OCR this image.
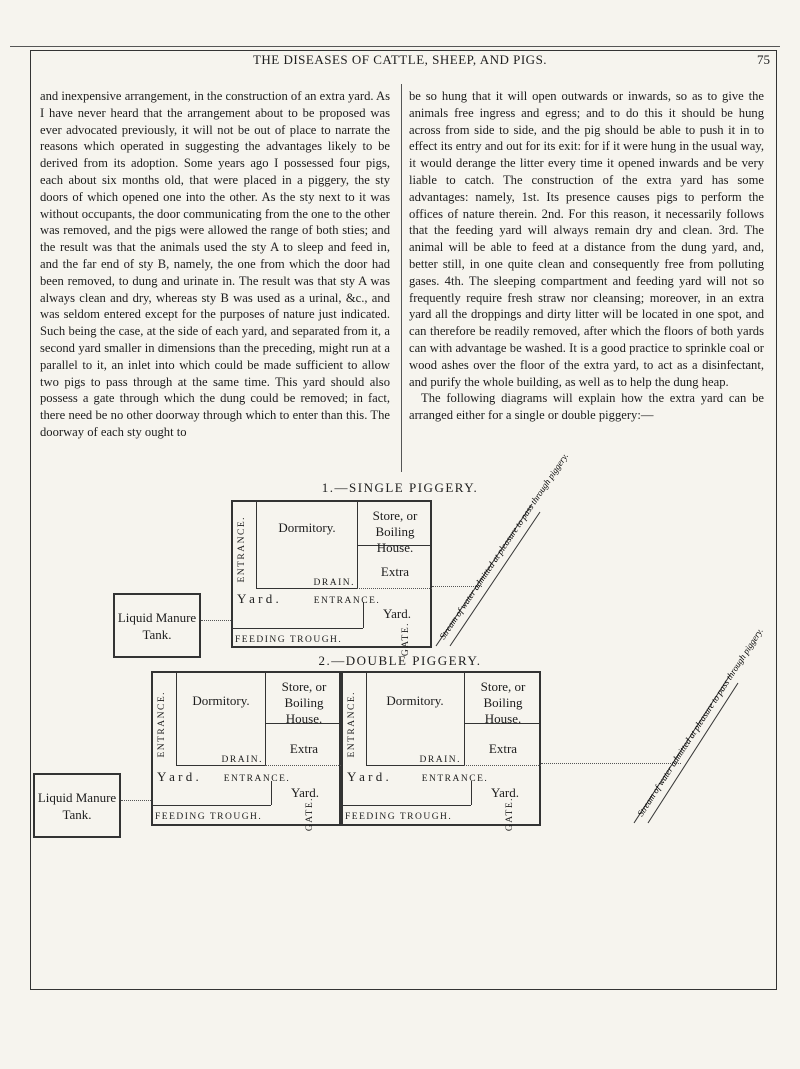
THE DISEASES OF CATTLE, SHEEP, AND PIGS.	75

and inexpensive arrangement, in the construction of an extra yard. As I have never heard that the arrangement about to be proposed was ever advocated previously, it will not be out of place to narrate the reasons which operated in suggesting the advantages likely to be derived from its adoption. Some years ago I possessed four pigs, each about six months old, that were placed in a piggery, the sty doors of which opened one into the other. As the sty next to it was without occupants, the door communicating from the one to the other was removed, and the pigs were allowed the range of both sties; and the result was that the animals used the sty A to sleep and feed in, and the far end of sty B, namely, the one from which the door had been removed, to dung and urinate in. The result was that sty A was always clean and dry, whereas sty B was used as a urinal, &c., and was seldom entered except for the purposes of nature just indicated. Such being the case, at the side of each yard, and separated from it, a second yard smaller in dimensions than the preceding, might run at a parallel to it, an inlet into which could be made sufficient to allow two pigs to pass through at the same time. This yard should also possess a gate through which the dung could be removed; in fact, there need be no other doorway through which to enter than this. The doorway of each sty ought to

be so hung that it will open outwards or inwards, so as to give the animals free ingress and egress; and to do this it should be hung across from side to side, and the pig should be able to push it in to effect its entry and out for its exit: for if it were hung in the usual way, it would derange the litter every time it opened inwards and be very liable to catch. The construction of the extra yard has some advantages: namely, 1st. Its presence causes pigs to perform the offices of nature therein. 2nd. For this reason, it necessarily follows that the feeding yard will always remain dry and clean. 3rd. The animal will be able to feed at a distance from the dung yard, and, better still, in one quite clean and consequently free from polluting gases. 4th. The sleeping compartment and feeding yard will not so frequently require fresh straw nor cleansing; moreover, in an extra yard all the droppings and dirty litter will be located in one spot, and can therefore be readily removed, after which the floors of both yards can with advantage be washed. It is a good practice to sprinkle coal or wood ashes over the floor of the extra yard, to act as a disinfectant, and purify the whole building, as well as to help the dung heap.

The following diagrams will explain how the extra yard can be arranged either for a single or double piggery:—

1.—SINGLE PIGGERY.
Liquid Manure Tank.
ENTRANCE.	Dormitory.
Store, or Boiling House.
DRAIN.
Extra
Y a r d .	ENTRANCE.
Yard.
FEEDING TROUGH.	GATE.	Stream of water admitted at pleasure to pass through piggery.
2.—DOUBLE PIGGERY.
Liquid Manure Tank.
ENTRANCE.	Dormitory.
Store, or Boiling House.
DRAIN.
Extra
Y a r d .	ENTRANCE.
Yard.
FEEDING TROUGH.	GATE.
ENTRANCE.	Dormitory.
Store, or Boiling House.
DRAIN.
Extra
Y a r d .	ENTRANCE.
Yard.
FEEDING TROUGH.	GATE.	Stream of water admitted at pleasure to pass through piggery.
